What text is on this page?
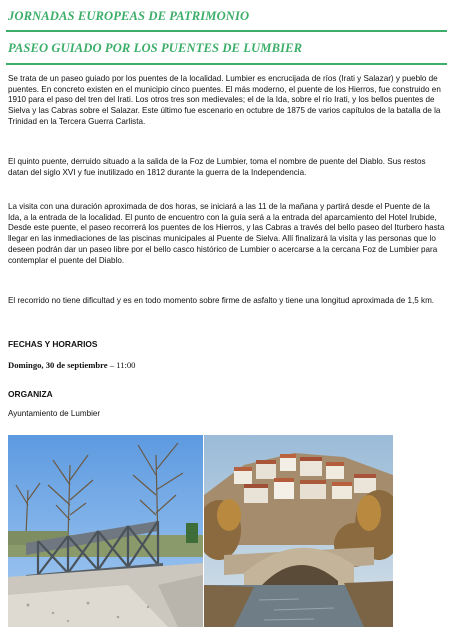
JORNADAS EUROPEAS DE PATRIMONIO
PASEO GUIADO POR LOS PUENTES DE LUMBIER

Se trata de un paseo guiado por los puentes de la localidad. Lumbier es encrucijada de ríos (Irati y Salazar) y pueblo de puentes. En concreto existen en el municipio cinco puentes. El más moderno, el puente de los Hierros, fue construido en 1910 para el paso del tren del Irati. Los otros tres son medievales; el de la Ida, sobre el río Irati, y los bellos puentes de Sielva y las Cabras sobre el Salazar. Este último fue escenario en octubre de 1875 de varios capítulos de la batalla de la Trinidad en la Tercera Guerra Carlista.

El quinto puente, derruido situado a la salida de la Foz de Lumbier, toma el nombre de puente del Diablo. Sus restos datan del siglo XVI y fue inutilizado en 1812 durante la guerra de la Independencia.

La visita con una duración aproximada de dos horas, se iniciará a las 11 de la mañana y partirá desde el Puente de la Ida, a la entrada de la localidad. El punto de encuentro con la guía será a la entrada del aparcamiento del Hotel Irubide, Desde este puente, el paseo recorrerá los puentes de los Hierros, y las Cabras a través del bello paseo del Iturbero hasta llegar en las inmediaciones de las piscinas municipales al Puente de Sielva. Allí finalizará la visita y las personas que lo deseen podrán dar un paseo libre por el bello casco histórico de Lumbier o acercarse a la cercana Foz de Lumbier para contemplar el puente del Diablo.

El recorrido no tiene dificultad y es en todo momento sobre firme de asfalto y tiene una longitud aproximada de 1,5 km.

FECHAS Y HORARIOS

Domingo, 30 de septiembre – 11:00

ORGANIZA

Ayuntamiento de Lumbier
